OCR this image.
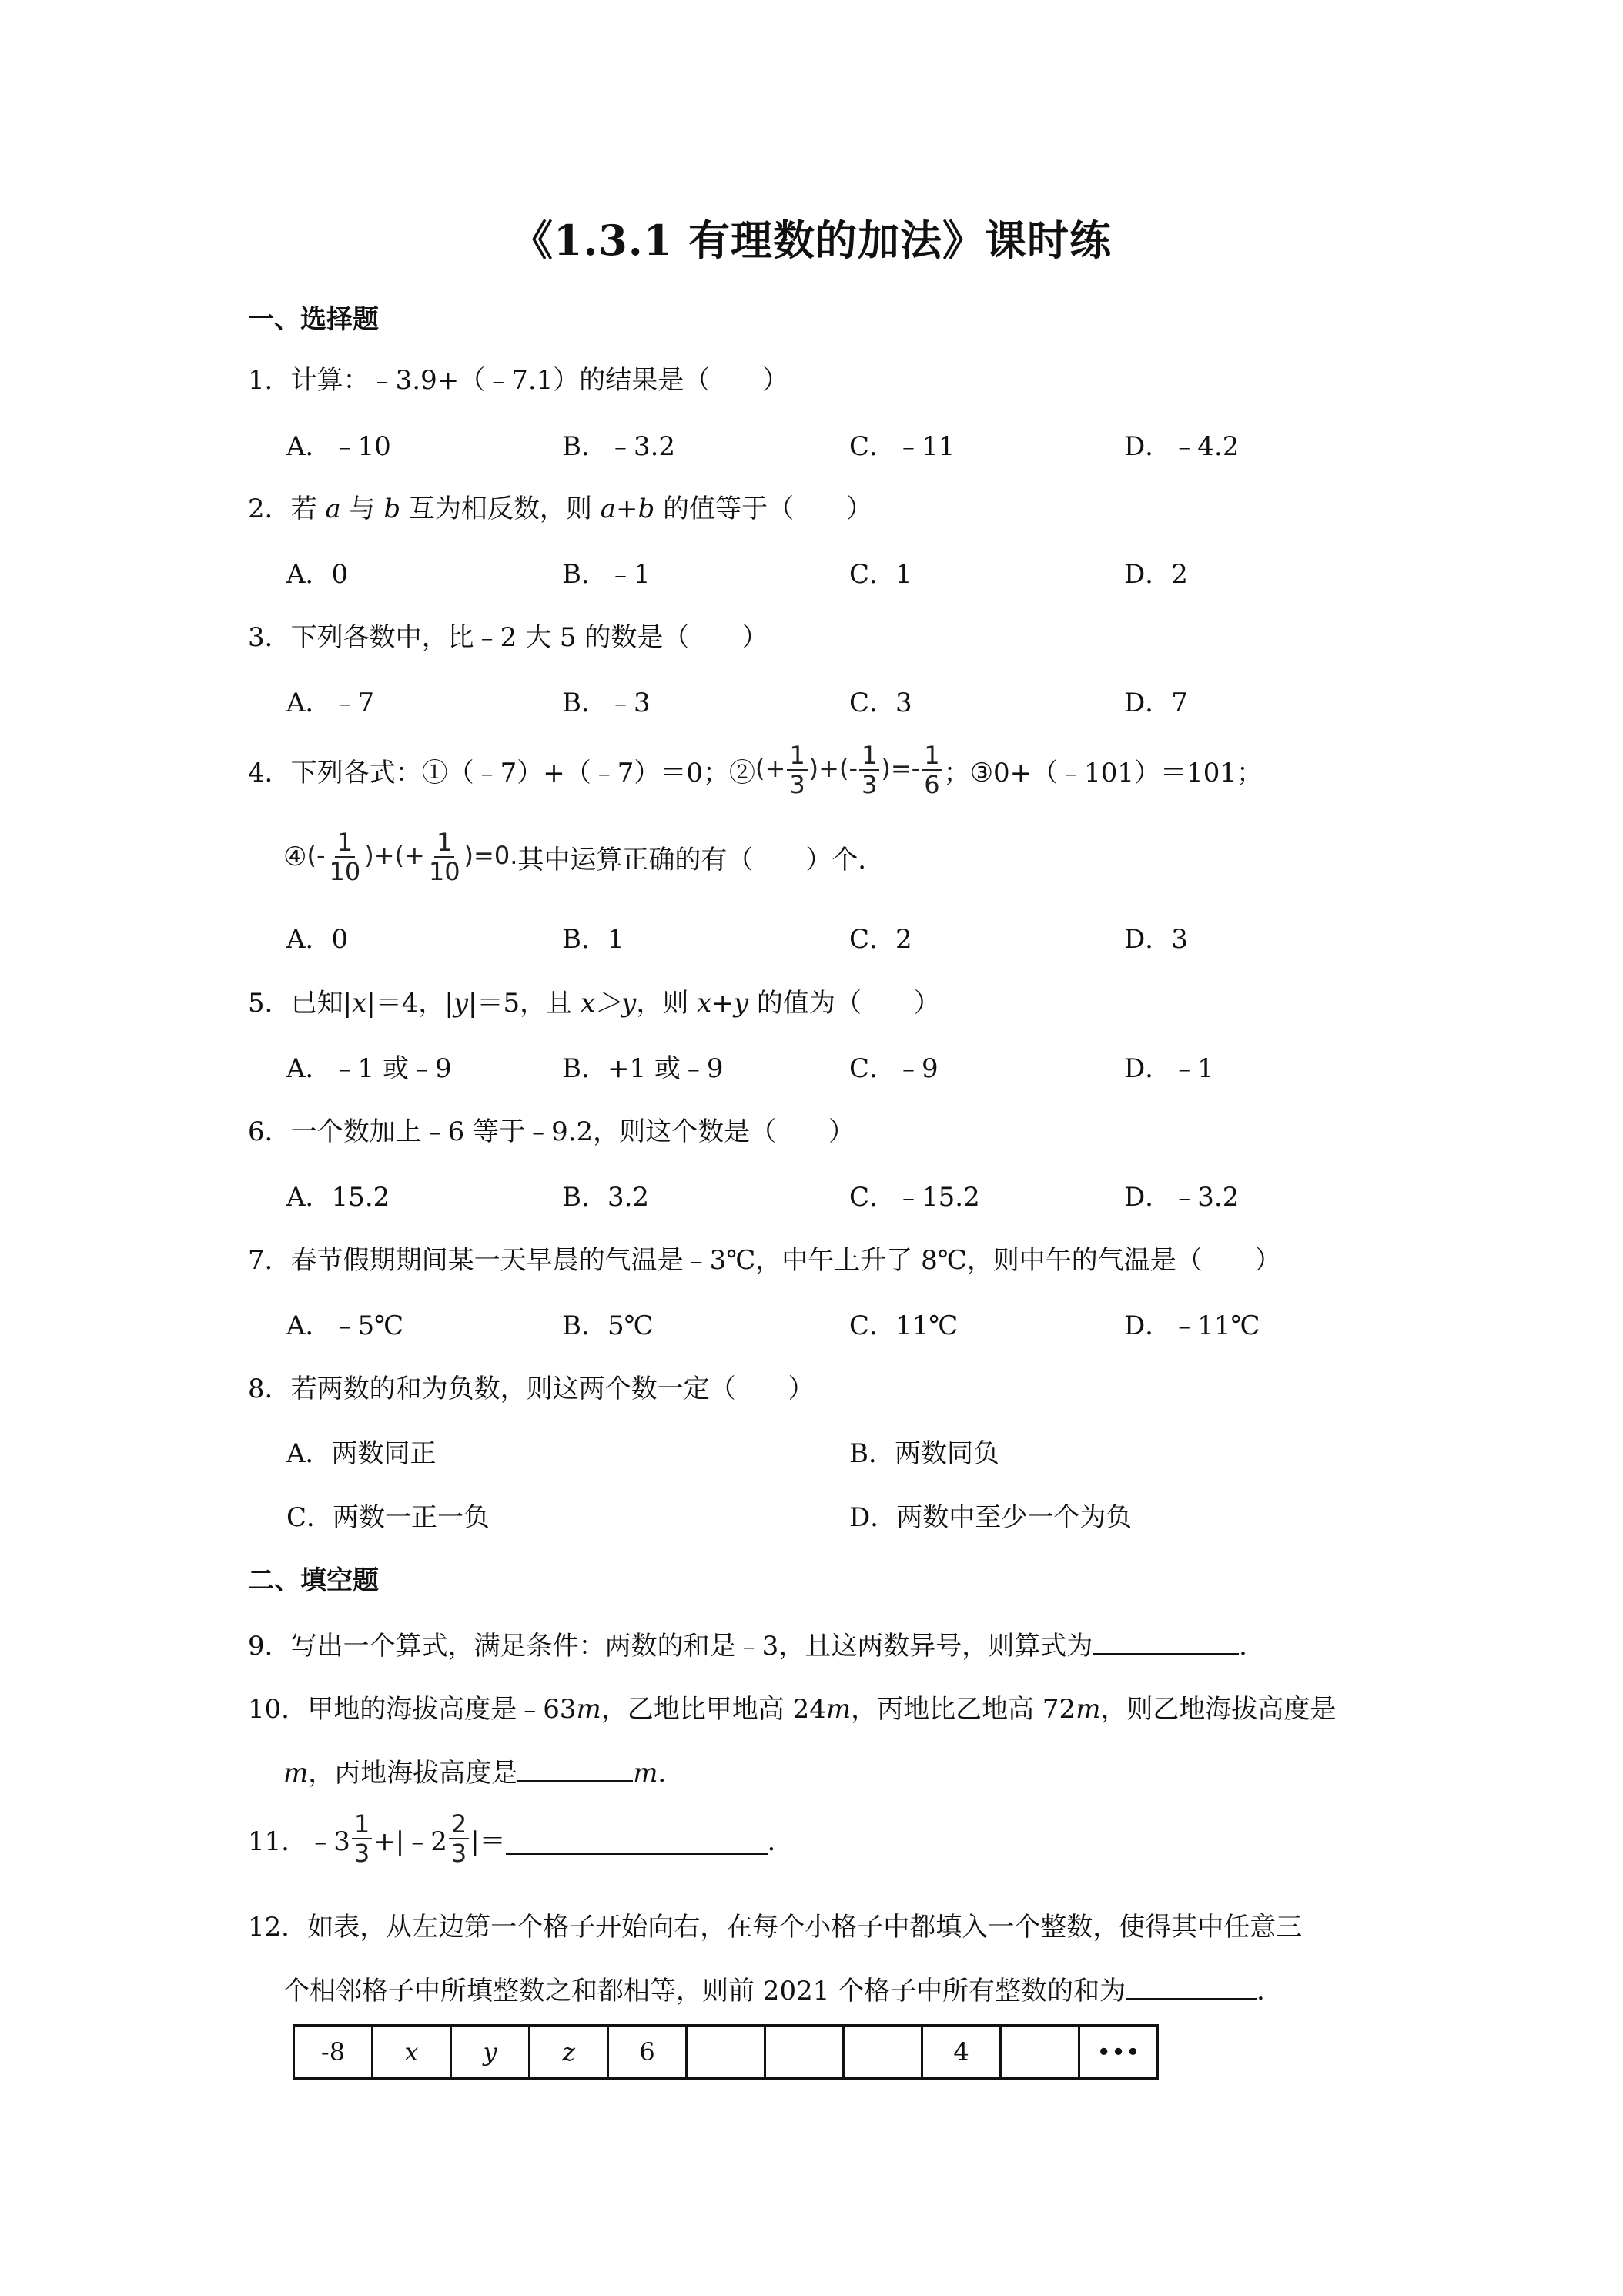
《1.3.1 有理数的加法》课时练
一、选择题
1．计算：﹣3.9+（﹣7.1）的结果是（　　）
A．﹣10	B．﹣3.2	C．﹣11	D．﹣4.2
2．若 a 与 b 互为相反数，则 a+b 的值等于（　　）
A．0	B．﹣1	C．1	D．2
3．下列各数中，比﹣2 大 5 的数是（　　）
A．﹣7	B．﹣3	C．3	D．7
4．下列各式：①（﹣7）+（﹣7）＝0；② (+ $\frac{1}{3}$ )+(- $\frac{1}{3}$ )=- $\frac{1}{6}$ ； ③0+（﹣101）＝101；
④ (- $\frac{1}{10}$ )+(+ $\frac{1}{10} )=0$. 其中运算正确的有（　　）个．
A．0	B．1	C．2	D．3
5．已知|x|＝4，|y|＝5，且 x＞y，则 x+y 的值为（　　）
A．﹣1 或﹣9	B．+1 或﹣9	C．﹣9	D．﹣1
6．一个数加上﹣6 等于﹣9.2，则这个数是（　　）
A．15.2	B．3.2	C．﹣15.2	D．﹣3.2
7．春节假期期间某一天早晨的气温是﹣3℃，中午上升了 8℃，则中午的气温是（　　）
A．﹣5℃	B．5℃	C．11℃	D．﹣11℃
8．若两数的和为负数，则这两个数一定（　　）
A．两数同正	B．两数同负
C．两数一正一负	D．两数中至少一个为负
二、填空题
9．写出一个算式，满足条件：两数的和是﹣3，且这两数异号，则算式为	．
10．甲地的海拔高度是﹣63m，乙地比甲地高 24m，丙地比乙地高 72m，则乙地海拔高度是
m，丙地海拔高度是	m．
11．﹣3 $\frac{1}{3}$ +|﹣2 $\frac{2}{3}$ |＝	．
12．如表，从左边第一个格子开始向右，在每个小格子中都填入一个整数，使得其中任意三
个相邻格子中所填整数之和都相等，则前 2021 个格子中所有整数的和为	．
-8	x	y	z	6				4		•••
